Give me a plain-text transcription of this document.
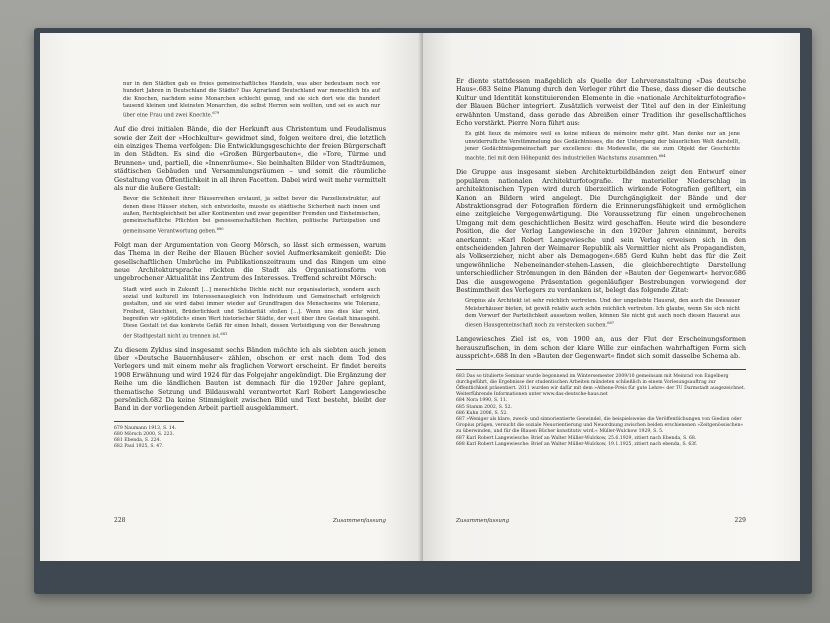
nur in den Städten gab es freies gemeinschaftliches Handeln, was aber bedeutsam noch vor hundert Jahren in Deutschland die Städte? Das Agrarland Deutschland war menschlich bis auf die Knochen, nachdem seine Monarchen schlecht genug, und sie sich dort wie die hundert tausend kleinen und kleinsten Monarchen, die selbst Herren sein wollten, und sei es auch nur über eine Frau und zwei Knechte.$^{679}$

Auf die drei initialen Bände, die der Herkunft aus Christentum und Feudalismus sowie der Zeit der »Hochkultur« gewidmet sind, folgen weitere drei, die letztlich ein einziges Thema verfolgen: Die Entwicklungsgeschichte der freien Bürgerschaft in den Städten. Es sind die »Großen Bürgerbauten«, die »Tore, Türme und Brunnen« und, partiell, die »Innenräume«. Sie beinhalten Bilder von Stadträumen, städtischen Gebäuden und Versammlungsräumen – und somit die räumliche Gestaltung von Öffentlichkeit in all ihren Facetten. Dabei wird weit mehr vermittelt als nur die äußere Gestalt:

Bevor die Schönheit ihrer Häuserreihen erstaunt, ja selbst bevor die Parzellenstruktur, auf denen diese Häuser stehen, sich entwickelte, musste es städtische Sicherheit nach innen und außen, Rechtsgleichheit bei aller Kontinenten und zwar gegenüber Fremden und Einheimischen, gemeinschaftliche Pflichten bei genossenschaftlichen Rechten, politische Partizipation und gemeinsame Verantwortung geben.$^{680}$

Folgt man der Argumentation von Georg Mörsch, so lässt sich ermessen, warum das Thema in der Reihe der Blauen Bücher soviel Aufmerksamkeit genießt: Die gesellschaftlichen Umbrüche im Publikationszeitraum und das Ringen um eine neue Architektursprache rückten die Stadt als Organisationsform von ungebrochener Aktualität ins Zentrum des Interesses. Treffend schreibt Mörsch:

Stadt wird auch in Zukunft […] menschliche Dichte nicht nur organisatorisch, sondern auch sozial und kulturell im Interessenausgleich von Individuum und Gemeinschaft erfolgreich gestalten, und sie wird dabei immer wieder auf Grundfragen des Menschseins wie Toleranz, Freiheit, Gleichheit, Brüderlichkeit und Solidarität stoßen […]. Wenn uns dies klar wird, begreifen wir »plötzlich« einen Wert historischer Städte, der weit über ihre Gestalt hinausgeht. Diese Gestalt ist das konkrete Gefäß für einen Inhalt, dessen Verteidigung von der Bewahrung der Stadtgestalt nicht zu trennen ist.$^{681}$

Zu diesem Zyklus sind insgesamt sechs Bänden möchte ich als siebten auch jenen über »Deutsche Bauernhäuser« zählen, obschon er erst nach dem Tod des Verlegers und mit einem mehr als fraglichen Vorwort erscheint. Er findet bereits 1908 Erwähnung und wird 1924 für das Folgejahr angekündigt. Die Ergänzung der Reihe um die ländlichen Bauten ist demnach für die 1920er Jahre geplant, thematische Setzung und Bildauswahl verantwortet Karl Robert Langewiesche persönlich.682 Da keine Stimmigkeit zwischen Bild und Text besteht, bleibt der Band in der vorliegenden Arbeit partiell ausgeklammert.

679 Naumann 1913, S. 14.
680 Mörsch 2000, S. 223.
681 Ebenda, S. 224.
682 Paul 1925, S. 47.
228	Zusammenfassung

Er diente stattdessen maßgeblich als Quelle der Lehrveranstaltung »Das deutsche Haus«.683 Seine Planung durch den Verleger rührt die These, dass dieser die deutsche Kultur und Identität konstituierenden Elemente in die »nationale Architekturfotografie« der Blauen Bücher integriert. Zusätzlich verweist der Titel auf den in der Einleitung erwähnten Umstand, dass gerade das Abreißen einer Tradition ihr gesellschaftliches Echo verstärkt. Pierre Nora führt aus:

Es gibt lieux de mémoire weil es keine milieux de mémoire mehr gibt. Man denke nur an jene unwiderrufliche Verstümmelung des Gedächtnisses, die der Untergang der bäuerlichen Welt darstellt, jener Gedächtnisgemeinschaft par excellence: die Modewelle, die sie zum Objekt der Geschichte machte, fiel mit dem Höhepunkt des industriellen Wachstums zusammen.$^{684}$

Die Gruppe aus insgesamt sieben Architekturbildbänden zeigt den Entwurf einer populären nationalen Architekturfotografie. Ihr materieller Niederschlag in architektonischen Typen wird durch überzeitlich wirkende Fotografien gefiltert, ein Kanon an Bildern wird angelegt. Die Durchgängigkeit der Bände und der Abstraktionsgrad der Fotografien fördern die Erinnerungsfähigkeit und ermöglichen eine zeitgleiche Vergegenwärtigung. Die Voraussetzung für einen ungebrochenen Umgang mit dem geschichtlichen Besitz wird geschaffen. Heute wird die besondere Position, die der Verlag Langewiesche in den 1920er Jahren einnimmt, bereits anerkannt: »Karl Robert Langewiesche und sein Verlag erweisen sich in den entscheidenden Jahren der Weimarer Republik als Vermittler nicht als Propagandisten, als Volkserzieher, nicht aber als Demagogen«.685 Gerd Kuhn hebt das für die Zeit ungewöhnliche Nebeneinander-stehen-Lassen, die gleichberechtigte Darstellung unterschiedlicher Strömungen in den Bänden der »Bauten der Gegenwart« hervor.686 Das die ausgewogene Präsentation gegenläufiger Bestrebungen vorwiegend der Bestimmtheit des Verlegers zu verdanken ist, belegt das folgende Zitat:

Gropius als Architekt ist sehr reichlich vertreten. Und der ungeliebte Hausrat, den auch die Dessauer Meisterhäuser bieten, ist gewiß relativ auch schön reichlich vertreten. Ich glaube, wenn Sie sich nicht dem Vorwurf der Parteilichkeit aussetzen wollen, können Sie nicht gut auch noch diesen Hausrat aus diesen Hausgemeinschaft noch zu verstecken suchen.$^{687}$

Langewiesches Ziel ist es, von 1900 an, aus der Flut der Erscheinungsformen herauszufischen, in dem schon der klare Wille zur einfachen wahrhaftigen Form sich ausspricht«.688 In den »Bauten der Gegenwart« findet sich somit dasselbe Schema ab.

683 Das so titulierte Seminar wurde begonnend im Wintersemester 2009/10 gemeinsam mit Meinrad von Engelberg durchgeführt, die Ergebnisse der studentischen Arbeiten mündeten schließlich in einem Vorlesungsauftrag zur Öffentlichkeit präsentiert. 2011 wurden wir dafür mit dem »Athene-Preis für gute Lehre« der TU Darmstadt ausgezeichnet. Weiterführende Informationen unter www.das-deutsche-haus.net
684 Nora 1990, S. 11.
685 Stamm 2002, S. 52.
686 Kuhn 2006, S. 52.
687 »Weniger als klare, zweck- und sinnorientierte Geswindel, die beispielsweise die Veröffentlichungen von Giedion oder Gropius prägen, versucht die soziale Neuorientierung und Neuordnung zwischen beiden erschienenen »Zeitgenössischen« zu überwinden, und für die Blauen Bücher konstitutiv wird.« Müller-Wulckow 1929, S. 5.
687 Karl Robert Langewiesche: Brief an Walter Müller-Wulckow, 25.6.1929, zitiert nach Ebenda, S. 68.
688 Karl Robert Langewiesche: Brief an Walter Müller-Wulckow, 19.1.1925, zitiert nach ebenda, S. 63f.
Zusammenfassung	229
